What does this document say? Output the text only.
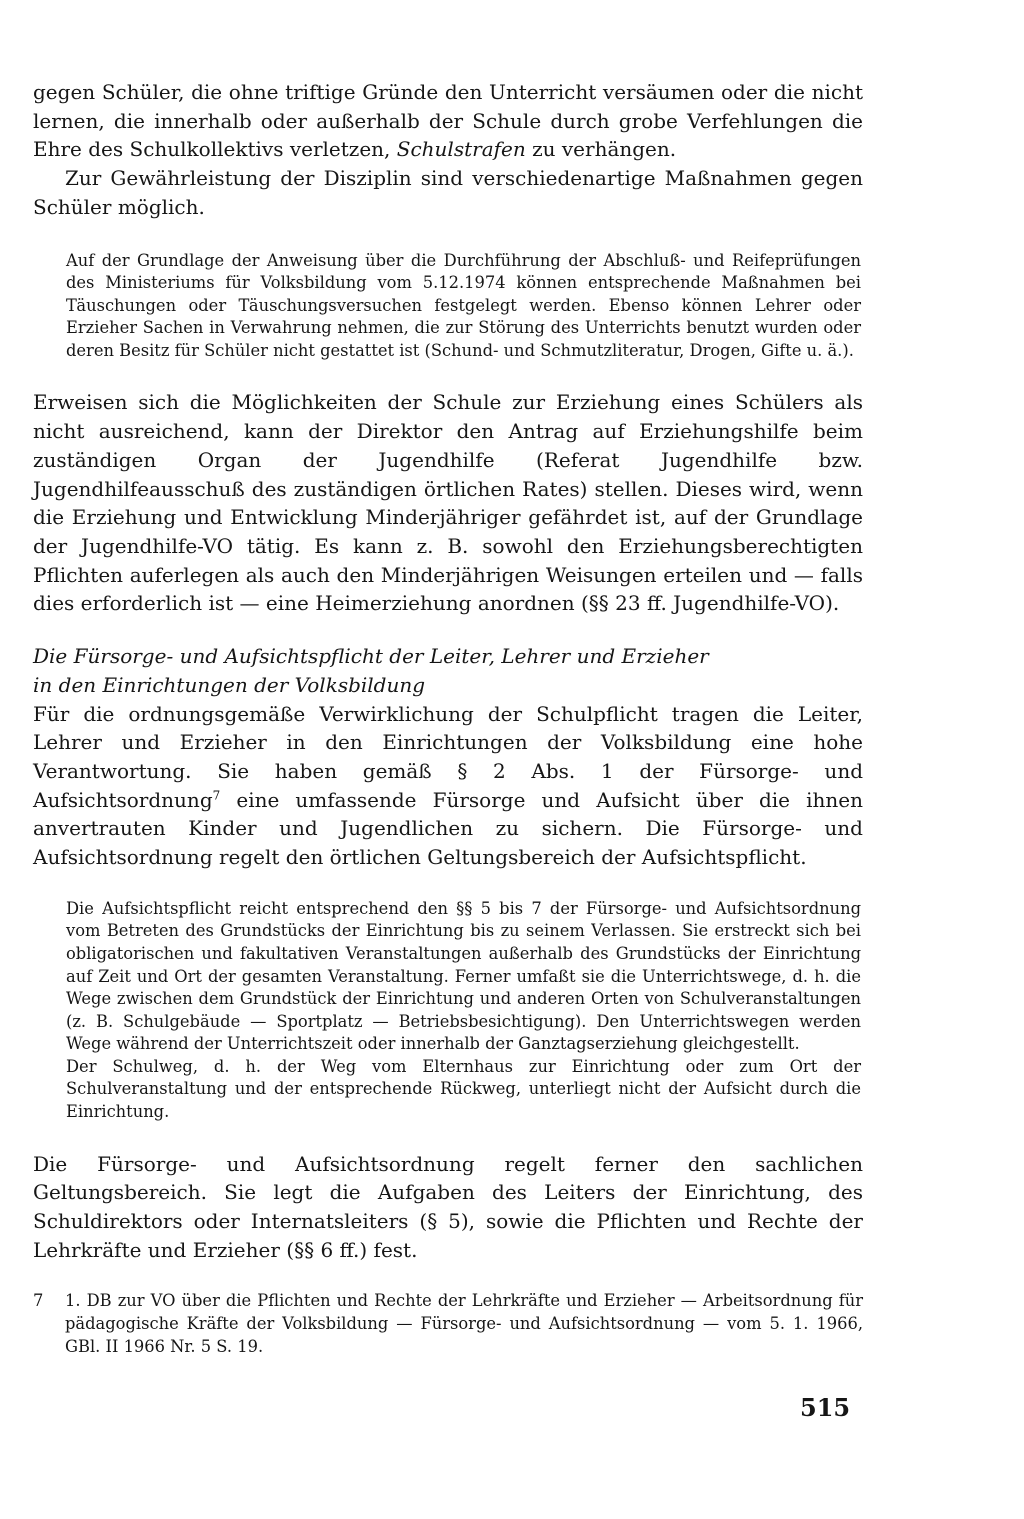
gegen Schüler, die ohne triftige Gründe den Unterricht versäumen oder die nicht lernen, die innerhalb oder außerhalb der Schule durch grobe Verfehlungen die Ehre des Schulkollektivs verletzen, Schulstrafen zu verhängen.

Zur Gewährleistung der Disziplin sind verschiedenartige Maßnahmen gegen Schüler möglich.

Auf der Grundlage der Anweisung über die Durchführung der Abschluß- und Reifeprüfungen des Ministeriums für Volksbildung vom 5.12.1974 können entsprechende Maßnahmen bei Täuschungen oder Täuschungsversuchen festgelegt werden. Ebenso können Lehrer oder Erzieher Sachen in Verwahrung nehmen, die zur Störung des Unterrichts benutzt wurden oder deren Besitz für Schüler nicht gestattet ist (Schund- und Schmutzliteratur, Drogen, Gifte u. ä.).

Erweisen sich die Möglichkeiten der Schule zur Erziehung eines Schülers als nicht ausreichend, kann der Direktor den Antrag auf Erziehungshilfe beim zuständigen Organ der Jugendhilfe (Referat Jugendhilfe bzw. Jugendhilfeausschuß des zuständigen örtlichen Rates) stellen. Dieses wird, wenn die Erziehung und Entwicklung Minderjähriger gefährdet ist, auf der Grundlage der Jugendhilfe-VO tätig. Es kann z. B. sowohl den Erziehungsberechtigten Pflichten auferlegen als auch den Minderjährigen Weisungen erteilen und — falls dies erforderlich ist — eine Heimerziehung anordnen (§§ 23 ff. Jugendhilfe-VO).

Die Fürsorge- und Aufsichtspflicht der Leiter, Lehrer und Erzieher
in den Einrichtungen der Volksbildung

Für die ordnungsgemäße Verwirklichung der Schulpflicht tragen die Leiter, Lehrer und Erzieher in den Einrichtungen der Volksbildung eine hohe Verantwortung. Sie haben gemäß § 2 Abs. 1 der Fürsorge- und Aufsichtsordnung$^7$ eine umfassende Fürsorge und Aufsicht über die ihnen anvertrauten Kinder und Jugendlichen zu sichern. Die Fürsorge- und Aufsichtsordnung regelt den örtlichen Geltungsbereich der Aufsichtspflicht.

Die Aufsichtspflicht reicht entsprechend den §§ 5 bis 7 der Fürsorge- und Aufsichtsordnung vom Betreten des Grundstücks der Einrichtung bis zu seinem Verlassen. Sie erstreckt sich bei obligatorischen und fakultativen Veranstaltungen außerhalb des Grundstücks der Einrichtung auf Zeit und Ort der gesamten Veranstaltung. Ferner umfaßt sie die Unterrichtswege, d. h. die Wege zwischen dem Grundstück der Einrichtung und anderen Orten von Schulveranstaltungen (z. B. Schulgebäude — Sportplatz — Betriebsbesichtigung). Den Unterrichtswegen werden Wege während der Unterrichtszeit oder innerhalb der Ganztagserziehung gleichgestellt.

Der Schulweg, d. h. der Weg vom Elternhaus zur Einrichtung oder zum Ort der Schulveranstaltung und der entsprechende Rückweg, unterliegt nicht der Aufsicht durch die Einrichtung.

Die Fürsorge- und Aufsichtsordnung regelt ferner den sachlichen Geltungsbereich. Sie legt die Aufgaben des Leiters der Einrichtung, des Schuldirektors oder Internatsleiters (§ 5), sowie die Pflichten und Rechte der Lehrkräfte und Erzieher (§§ 6 ff.) fest.

7	1. DB zur VO über die Pflichten und Rechte der Lehrkräfte und Erzieher — Arbeitsordnung für pädagogische Kräfte der Volksbildung — Fürsorge- und Aufsichtsordnung — vom 5. 1. 1966, GBl. II 1966 Nr. 5 S. 19.
515
